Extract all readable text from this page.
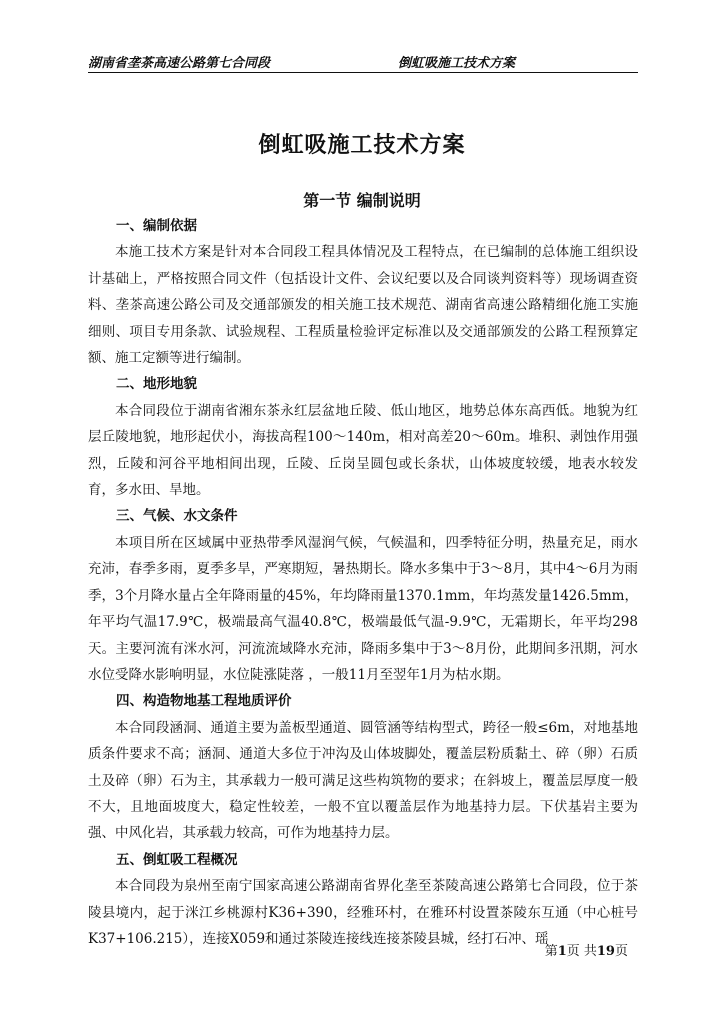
湖南省垄茶高速公路第七合同段	倒虹吸施工技术方案
倒虹吸施工技术方案
第一节 编制说明
一、编制依据

本施工技术方案是针对本合同段工程具体情况及工程特点，在已编制的总体施工组织设计基础上，严格按照合同文件（包括设计文件、会议纪要以及合同谈判资料等）现场调查资料、垄茶高速公路公司及交通部颁发的相关施工技术规范、湖南省高速公路精细化施工实施细则、项目专用条款、试验规程、工程质量检验评定标准以及交通部颁发的公路工程预算定额、施工定额等进行编制。

二、地形地貌

本合同段位于湖南省湘东茶永红层盆地丘陵、低山地区，地势总体东高西低。地貌为红层丘陵地貌，地形起伏小，海拔高程100～140m，相对高差20～60m。堆积、剥蚀作用强烈，丘陵和河谷平地相间出现，丘陵、丘岗呈圆包或长条状，山体坡度较缓，地表水较发育，多水田、旱地。

三、气候、水文条件

本项目所在区域属中亚热带季风湿润气候，气候温和，四季特征分明，热量充足，雨水充沛，春季多雨，夏季多旱，严寒期短，暑热期长。降水多集中于3～8月，其中4～6月为雨季，3个月降水量占全年降雨量的45%，年均降雨量1370.1mm，年均蒸发量1426.5mm，年平均气温17.9℃，极端最高气温40.8℃，极端最低气温-9.9℃，无霜期长，年平均298天。主要河流有洣水河，河流流域降水充沛，降雨多集中于3～8月份，此期间多汛期，河水水位受降水影响明显，水位陡涨陡落 ，一般11月至翌年1月为枯水期。

四、构造物地基工程地质评价

本合同段涵洞、通道主要为盖板型通道、圆管涵等结构型式，跨径一般≤6m，对地基地质条件要求不高；涵洞、通道大多位于冲沟及山体坡脚处，覆盖层粉质黏土、碎（卵）石质土及碎（卵）石为主，其承载力一般可满足这些构筑物的要求；在斜坡上，覆盖层厚度一般不大，且地面坡度大，稳定性较差，一般不宜以覆盖层作为地基持力层。下伏基岩主要为强、中风化岩，其承载力较高，可作为地基持力层。

五、倒虹吸工程概况

本合同段为泉州至南宁国家高速公路湖南省界化垄至茶陵高速公路第七合同段，位于茶陵县境内，起于洣江乡桃源村K36+390，经雅环村，在雅环村设置茶陵东互通（中心桩号K37+106.215），连接X059和通过茶陵连接线连接茶陵县城，经打石冲、瑶

第1页 共19页
